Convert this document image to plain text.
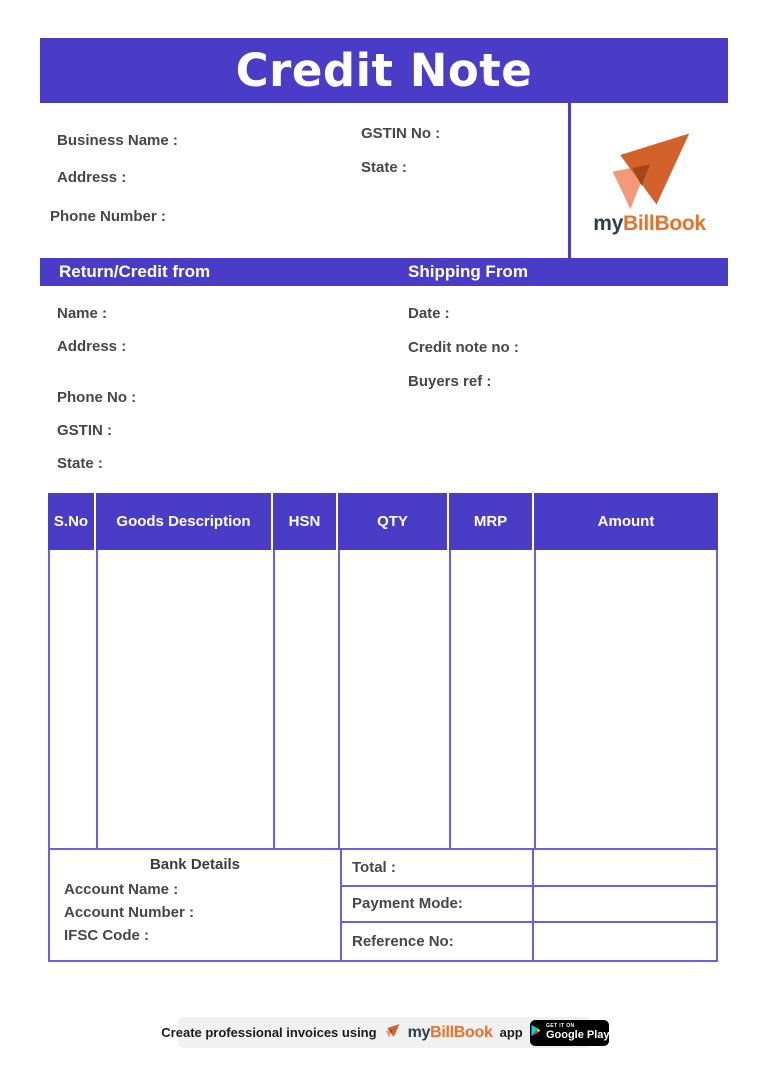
Credit Note
Business Name :
Address :
Phone Number :
GSTIN No :
State :
myBillBook
Return/Credit from	Shipping From
Name :
Address :
Phone No :
GSTIN :
State :
Date :
Credit note no :
Buyers ref :
S.No	Goods Description	HSN	QTY	MRP	Amount
Bank Details
Account Name :
Account Number :
IFSC Code :
Total :
Payment Mode:
Reference No:
Create professional invoices using myBillBook app	GET IT ON
Google Play
